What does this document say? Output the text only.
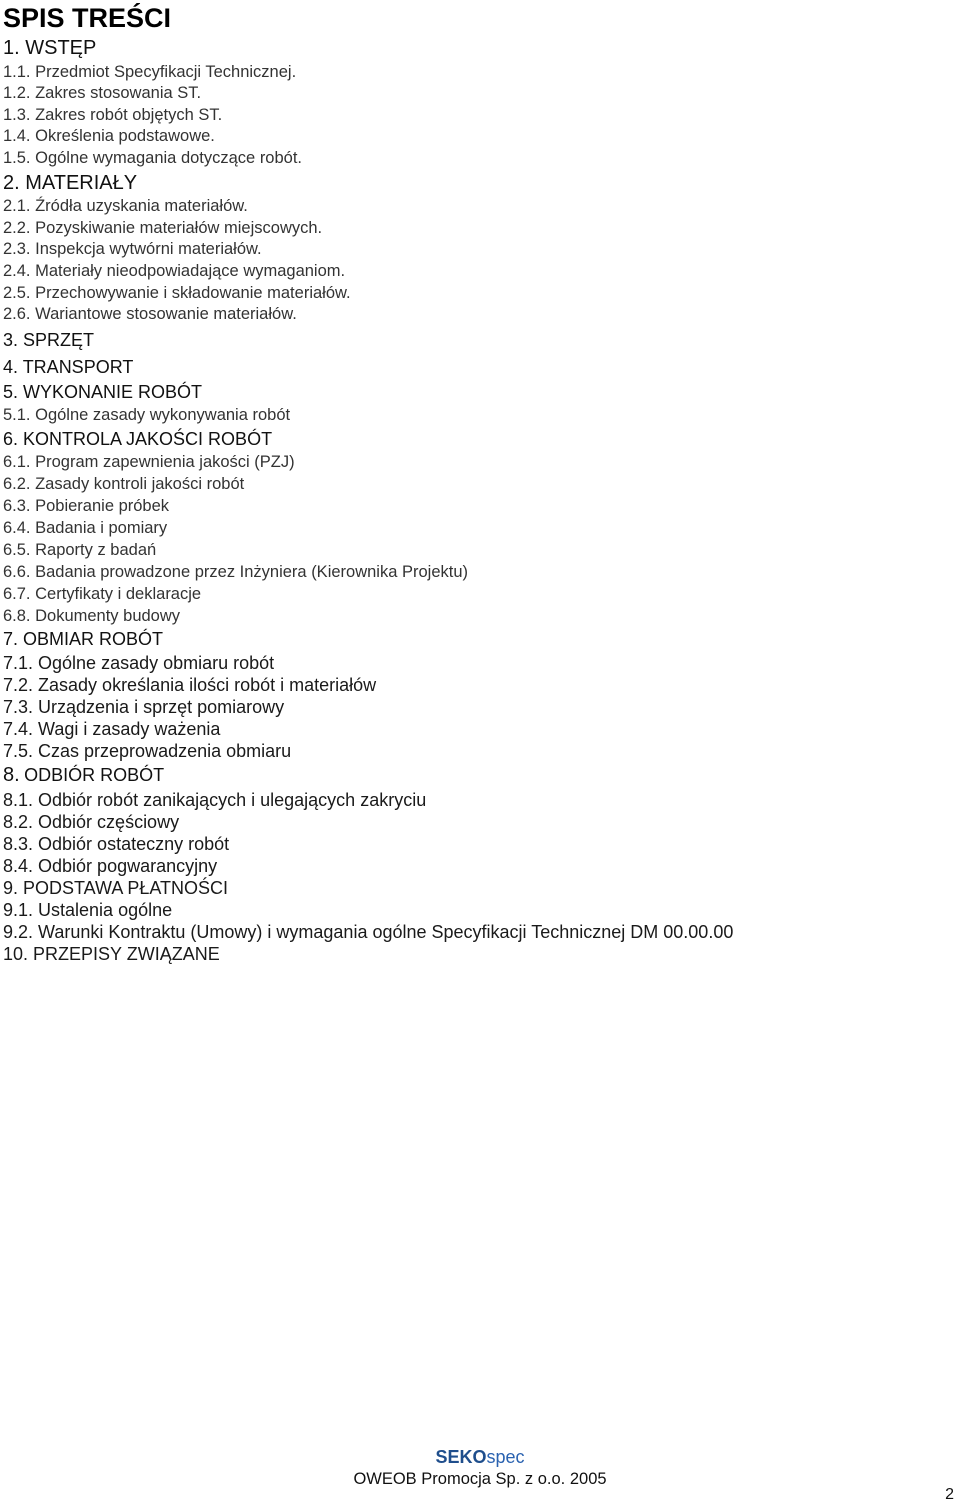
SPIS TREŚCI
1. WSTĘP
1.1. Przedmiot Specyfikacji Technicznej.
1.2. Zakres stosowania ST.
1.3. Zakres robót objętych ST.
1.4. Określenia podstawowe.
1.5. Ogólne wymagania dotyczące robót.
2. MATERIAŁY
2.1. Źródła uzyskania materiałów.
2.2. Pozyskiwanie materiałów miejscowych.
2.3. Inspekcja wytwórni materiałów.
2.4. Materiały nieodpowiadające wymaganiom.
2.5. Przechowywanie i składowanie materiałów.
2.6. Wariantowe stosowanie materiałów.
3. SPRZĘT
4. TRANSPORT
5. WYKONANIE ROBÓT
5.1. Ogólne zasady wykonywania robót
6. KONTROLA JAKOŚCI ROBÓT
6.1. Program zapewnienia jakości (PZJ)
6.2. Zasady kontroli jakości robót
6.3. Pobieranie próbek
6.4. Badania i pomiary
6.5. Raporty z badań
6.6. Badania prowadzone przez Inżyniera (Kierownika Projektu)
6.7. Certyfikaty i deklaracje
6.8. Dokumenty budowy
7. OBMIAR ROBÓT
7.1. Ogólne zasady obmiaru robót
7.2. Zasady określania ilości robót i materiałów
7.3. Urządzenia i sprzęt pomiarowy
7.4. Wagi i zasady ważenia
7.5. Czas przeprowadzenia obmiaru
8. ODBIÓR ROBÓT
8.1. Odbiór robót zanikających i ulegających zakryciu
8.2. Odbiór częściowy
8.3. Odbiór ostateczny robót
8.4. Odbiór pogwarancyjny
9. PODSTAWA PŁATNOŚCI
9.1. Ustalenia ogólne
9.2. Warunki Kontraktu (Umowy) i wymagania ogólne Specyfikacji Technicznej DM 00.00.00
10. PRZEPISY ZWIĄZANE
SEKOspec
OWEOB Promocja Sp. z o.o. 2005
2
